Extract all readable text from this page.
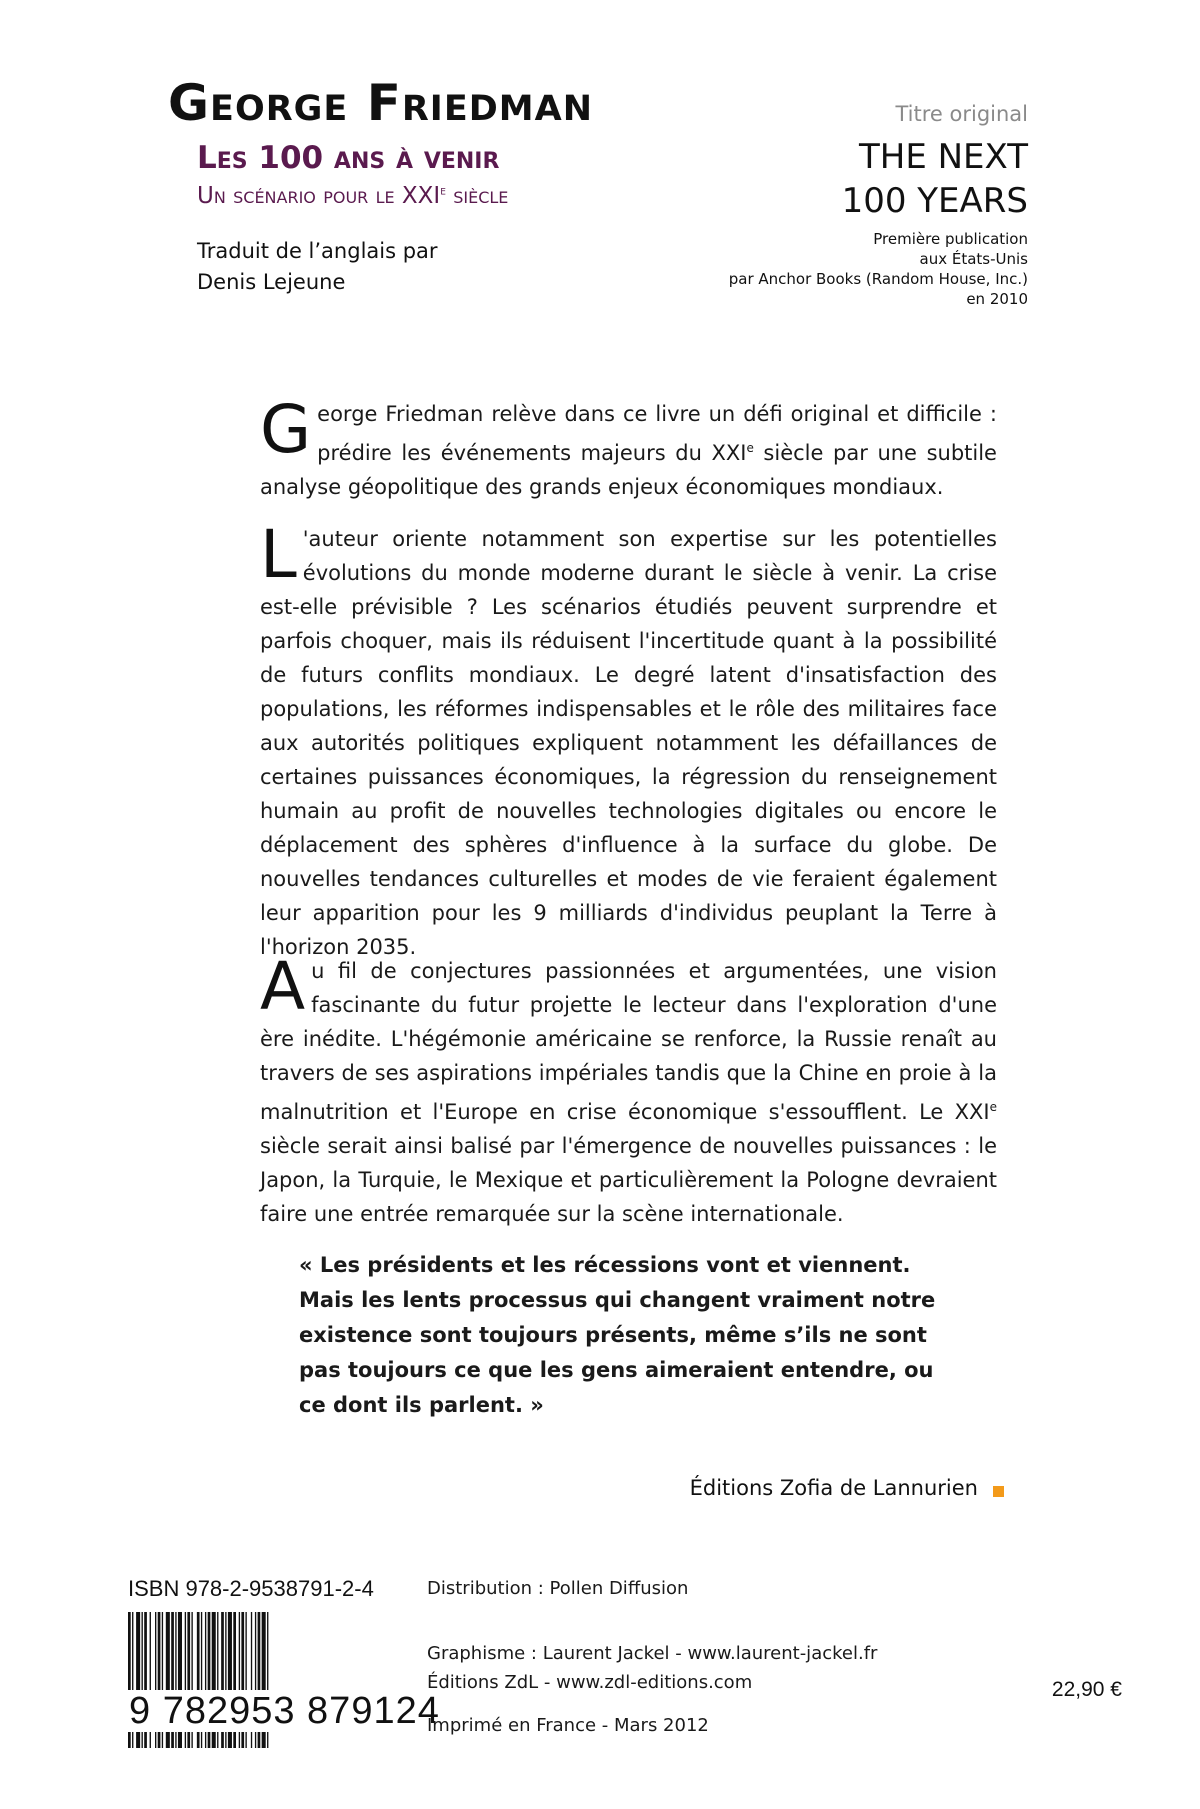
George Friedman
Les 100 ans à venir
Un scénario pour le XXIe siècle
Traduit de l’anglais par
Denis Lejeune
Titre original
THE NEXT
100 YEARS
Première publication
aux États-Unis
par Anchor Books (Random House, Inc.)
en 2010
George Friedman relève dans ce livre un défi original et difficile : prédire les événements majeurs du XXIe siècle par une subtile analyse géopolitique des grands enjeux économiques mondiaux.
L 'auteur oriente notamment son expertise sur les potentielles évolutions du monde moderne durant le siècle à venir. La crise est-elle prévisible ? Les scénarios étudiés peuvent surprendre et parfois choquer, mais ils réduisent l'incertitude quant à la possibilité de futurs conflits mondiaux. Le degré latent d'insatisfaction des populations, les réformes indispensables et le rôle des militaires face aux autorités politiques expliquent notamment les défaillances de certaines puissances économiques, la régression du renseignement humain au profit de nouvelles technologies digitales ou encore le déplacement des sphères d'influence à la surface du globe. De nouvelles tendances culturelles et modes de vie feraient également leur apparition pour les 9 milliards d'individus peuplant la Terre à l'horizon 2035.
Au fil de conjectures passionnées et argumentées, une vision fascinante du futur projette le lecteur dans l'exploration d'une ère inédite. L'hégémonie américaine se renforce, la Russie renaît au travers de ses aspirations impériales tandis que la Chine en proie à la malnutrition et l'Europe en crise économique s'essoufflent. Le XXIe siècle serait ainsi balisé par l'émergence de nouvelles puissances : le Japon, la Turquie, le Mexique et particulièrement la Pologne devraient faire une entrée remarquée sur la scène internationale.
« Les présidents et les récessions vont et viennent. Mais les lents processus qui changent vraiment notre existence sont toujours présents, même s’ils ne sont pas toujours ce que les gens aimeraient entendre, ou ce dont ils parlent. »
Éditions Zofia de Lannurien
ISBN 978-2-9538791-2-4
9 782953 879124
Distribution : Pollen Diffusion
Graphisme : Laurent Jackel - www.laurent-jackel.fr
Éditions ZdL - www.zdl-editions.com
Imprimé en France - Mars 2012
22,90 €
